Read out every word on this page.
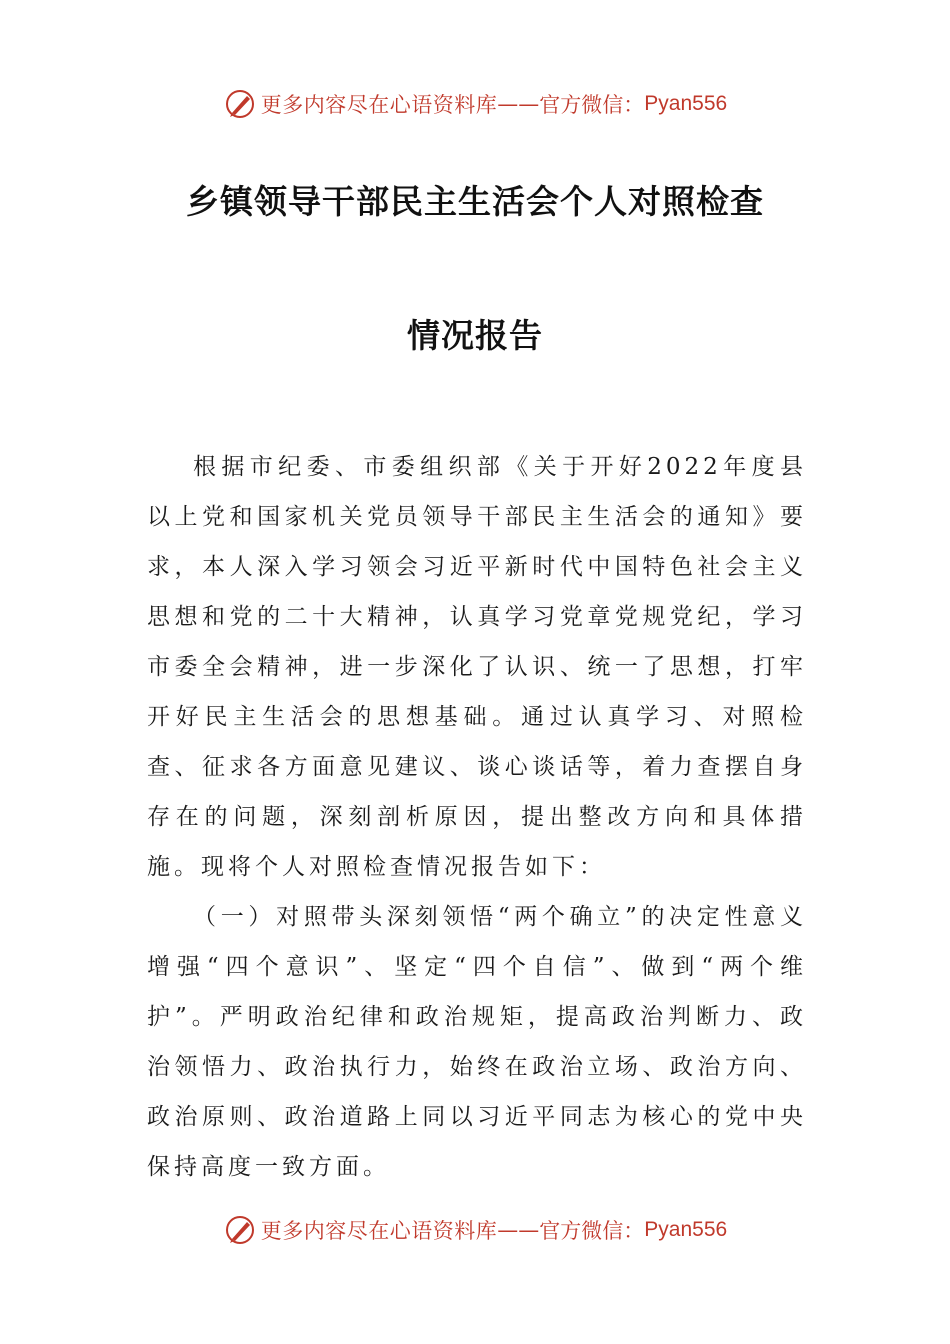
更多内容尽在心语资料库 —— 官方微信： Pyan556
乡镇领导干部民主生活会个人对照检查
情况报告

根据市纪委、市委组织部《关于开好2022年度县以上党和国家机关党员领导干部民主生活会的通知》要求，本人深入学习领会习近平新时代中国特色社会主义思想和党的二十大精神，认真学习党章党规党纪，学习市委全会精神，进一步深化了认识、统一了思想，打牢开好民主生活会的思想基础。通过认真学习、对照检查、征求各方面意见建议、谈心谈话等，着力查摆自身存在的问题，深刻剖析原因，提出整改方向和具体措施。现将个人对照检查情况报告如下：

（一）对照带头深刻领悟“两个确立”的决定性意义增强“四个意识”、坚定“四个自信”、做到“两个维护”。严明政治纪律和政治规矩，提高政治判断力、政治领悟力、政治执行力，始终在政治立场、政治方向、政治原则、政治道路上同以习近平同志为核心的党中央保持高度一致方面。

更多内容尽在心语资料库 —— 官方微信： Pyan556
